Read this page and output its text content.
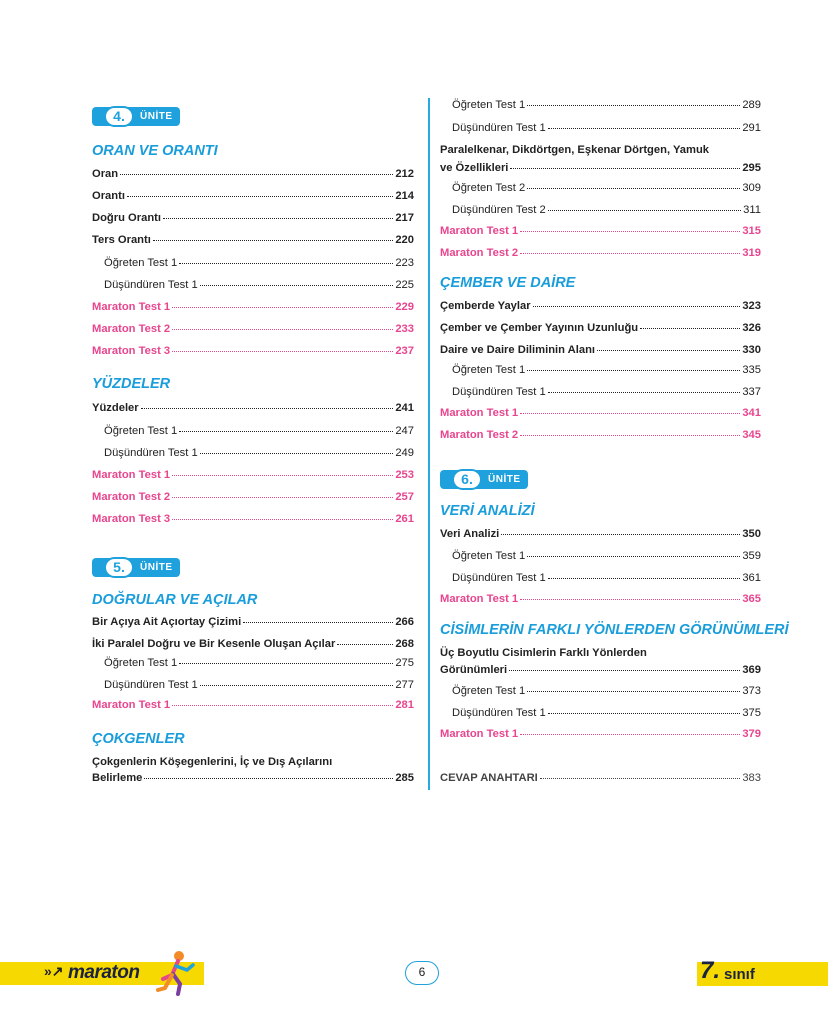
4.	ÜNİTE
ORAN VE ORANTI
Oran	212
Orantı	214
Doğru Orantı	217
Ters Orantı	220
Öğreten Test 1	223
Düşündüren Test 1	225
Maraton Test 1	229
Maraton Test 2	233
Maraton Test 3	237
YÜZDELER
Yüzdeler	241
Öğreten Test 1	247
Düşündüren Test 1	249
Maraton Test 1	253
Maraton Test 2	257
Maraton Test 3	261
5.	ÜNİTE
DOĞRULAR VE AÇILAR
Bir Açıya Ait Açıortay Çizimi	266
İki Paralel Doğru ve Bir Kesenle Oluşan Açılar	268
Öğreten Test 1	275
Düşündüren Test 1	277
Maraton Test 1	281
ÇOKGENLER
Çokgenlerin Köşegenlerini, İç ve Dış Açılarını
Belirleme	285
Öğreten Test 1	289
Düşündüren Test 1	291
Paralelkenar, Dikdörtgen, Eşkenar Dörtgen, Yamuk
ve Özellikleri	295
Öğreten Test 2	309
Düşündüren Test 2	311
Maraton Test 1	315
Maraton Test 2	319
ÇEMBER VE DAİRE
Çemberde Yaylar	323
Çember ve Çember Yayının Uzunluğu	326
Daire ve Daire Diliminin Alanı	330
Öğreten Test 1	335
Düşündüren Test 1	337
Maraton Test 1	341
Maraton Test 2	345
6.	ÜNİTE
VERİ ANALİZİ
Veri Analizi	350
Öğreten Test 1	359
Düşündüren Test 1	361
Maraton Test 1	365
CİSİMLERİN FARKLI YÖNLERDEN GÖRÜNÜMLERİ
Üç Boyutlu Cisimlerin Farklı Yönlerden
Görünümleri	369
Öğreten Test 1	373
Düşündüren Test 1	375
Maraton Test 1	379
CEVAP ANAHTARI	383
»↗ maraton	6	7. sınıf
